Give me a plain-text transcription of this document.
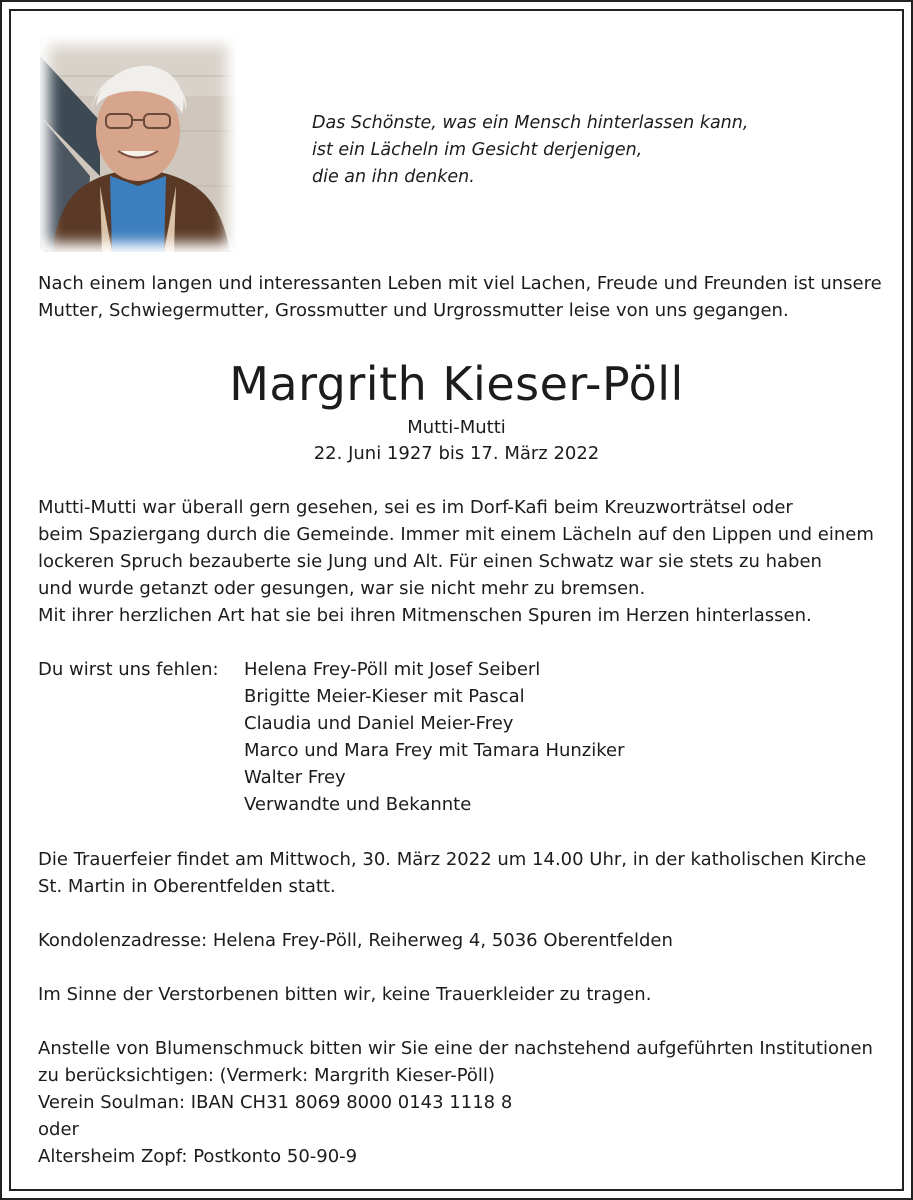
Das Schönste, was ein Mensch hinterlassen kann,
ist ein Lächeln im Gesicht derjenigen,
die an ihn denken.
Nach einem langen und interessanten Leben mit viel Lachen, Freude und Freunden ist unsere
Mutter, Schwiegermutter, Grossmutter und Urgrossmutter leise von uns gegangen.
Margrith Kieser-Pöll
Mutti-Mutti
22. Juni 1927 bis 17. März 2022
Mutti-Mutti war überall gern gesehen, sei es im Dorf-Kafi beim Kreuzworträtsel oder
beim Spaziergang durch die Gemeinde. Immer mit einem Lächeln auf den Lippen und einem
lockeren Spruch bezauberte sie Jung und Alt. Für einen Schwatz war sie stets zu haben
und wurde getanzt oder gesungen, war sie nicht mehr zu bremsen.
Mit ihrer herzlichen Art hat sie bei ihren Mitmenschen Spuren im Herzen hinterlassen.
Du wirst uns fehlen: Helena Frey-Pöll mit Josef Seiberl
Brigitte Meier-Kieser mit Pascal
Claudia und Daniel Meier-Frey
Marco und Mara Frey mit Tamara Hunziker
Walter Frey
Verwandte und Bekannte
Die Trauerfeier findet am Mittwoch, 30. März 2022 um 14.00 Uhr, in der katholischen Kirche
St. Martin in Oberentfelden statt.
Kondolenzadresse: Helena Frey-Pöll, Reiherweg 4, 5036 Oberentfelden
Im Sinne der Verstorbenen bitten wir, keine Trauerkleider zu tragen.
Anstelle von Blumenschmuck bitten wir Sie eine der nachstehend aufgeführten Institutionen
zu berücksichtigen: (Vermerk: Margrith Kieser-Pöll)
Verein Soulman: IBAN CH31 8069 8000 0143 1118 8
oder
Altersheim Zopf: Postkonto 50-90-9
